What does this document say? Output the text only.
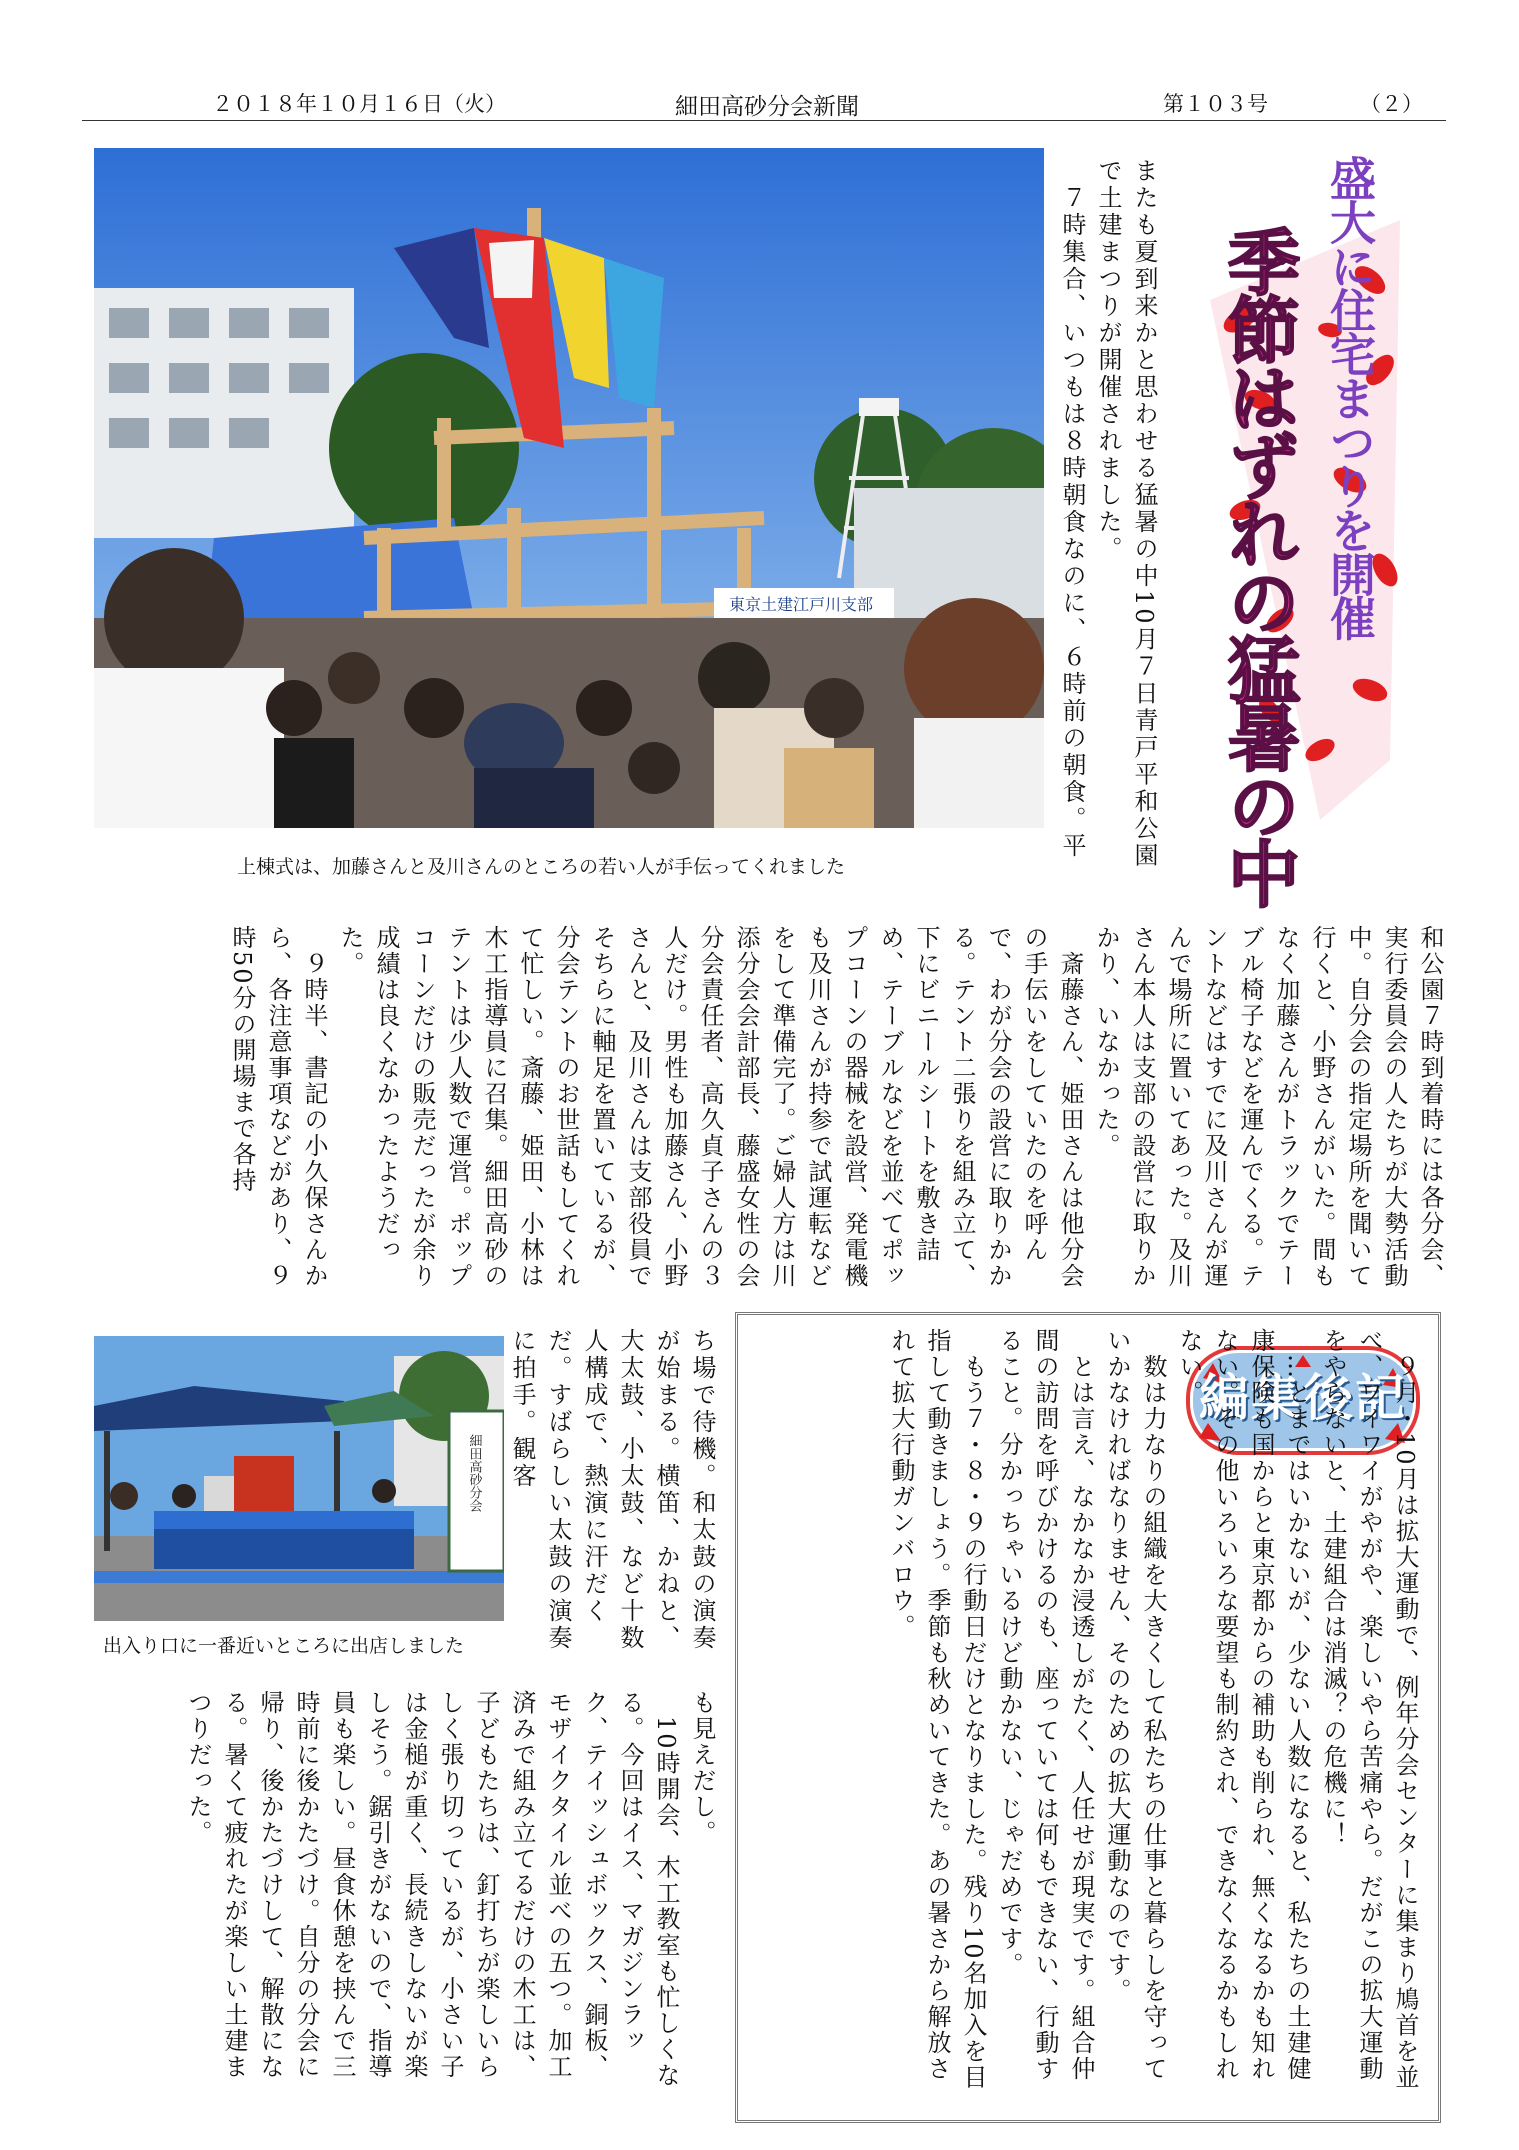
２０１８年１０月１６日（火）	細田高砂分会新聞	第１０３号	（２）
東京土建江戸川支部
上棟式は、加藤さんと及川さんのところの若い人が手伝ってくれました	またも夏到来かと思わせる猛暑の中10月７日青戸平和公園で土建まつりが開催されました。
　７時集合、いつもは８時朝食なのに、６時前の朝食。平	盛大に住宅まつりを開催
季節はずれの猛暑の中
和公園７時到着時には各分会、実行委員会の人たちが大勢活動中。自分会の指定場所を聞いて行くと、小野さんがいた。間もなく加藤さんがトラックでテーブル椅子などを運んでくる。テントなどはすでに及川さんが運んで場所に置いてあった。及川さん本人は支部の設営に取りかかり、いなかった。
　斎藤さん、姫田さんは他分会の手伝いをしていたのを呼んで、わが分会の設営に取りかかる。テント二張りを組み立て、下にビニールシートを敷き詰め、テーブルなどを並べてポップコーンの器械を設営、発電機も及川さんが持参で試運転などをして準備完了。ご婦人方は川添分会会計部長、藤盛女性の会分会責任者、高久貞子さんの３人だけ。男性も加藤さん、小野さんと、及川さんは支部役員でそちらに軸足を置いているが、分会テントのお世話もしてくれて忙しい。斎藤、姫田、小林は木工指導員に召集。細田高砂のテントは少人数で運営。ポップコーンだけの販売だったが余り成績は良くなかったようだった。
　９時半、書記の小久保さんから、各注意事項などがあり、９時50分の開場まで各持
細田高砂分会
出入り口に一番近いところに出店しました	ち場で待機。和太鼓の演奏が始まる。横笛、かねと、大太鼓、小太鼓、など十数人構成で、熱演に汗だくだ。すばらしい太鼓の演奏に拍手。観客
も見えだし。
　10時開会、木工教室も忙しくなる。今回はイス、マガジンラック、テイッシュボックス、銅板、モザイクタイル並べの五つ。加工済みで組み立てるだけの木工は、子どもたちは、釘打ちが楽しいらしく張り切っているが、小さい子は金槌が重く、長続きしないが楽しそう。鋸引きがないので、指導員も楽しい。昼食休憩を挟んで三時前に後かたづけ。自分の分会に帰り、後かたづけして、解散になる。暑くて疲れたが楽しい土建まつりだった。
編集後記
　９月・10月は拡大運動で、例年分会センターに集まり鳩首を並べ、ワイワイがやがや、楽しいやら苦痛やら。だがこの拡大運動をやらないと、土建組合は消滅？の危機に！
　…とまではいかないが、少ない人数になると、私たちの土建健康保険も国からと東京都からの補助も削られ、無くなるかも知れない。その他いろいろな要望も制約され、できなくなるかもしれない。
　数は力なりの組織を大きくして私たちの仕事と暮らしを守っていかなければなりません、そのための拡大運動なのです。
　とは言え、なかなか浸透しがたく、人任せが現実です。組合仲間の訪問を呼びかけるのも、座っていては何もできない、行動すること。分かっちゃいるけど動かない、じゃだめです。
　もう７・８・９の行動日だけとなりました。残り10名加入を目指して動きましょう。季節も秋めいてきた。あの暑さから解放されて拡大行動ガンバロウ。
